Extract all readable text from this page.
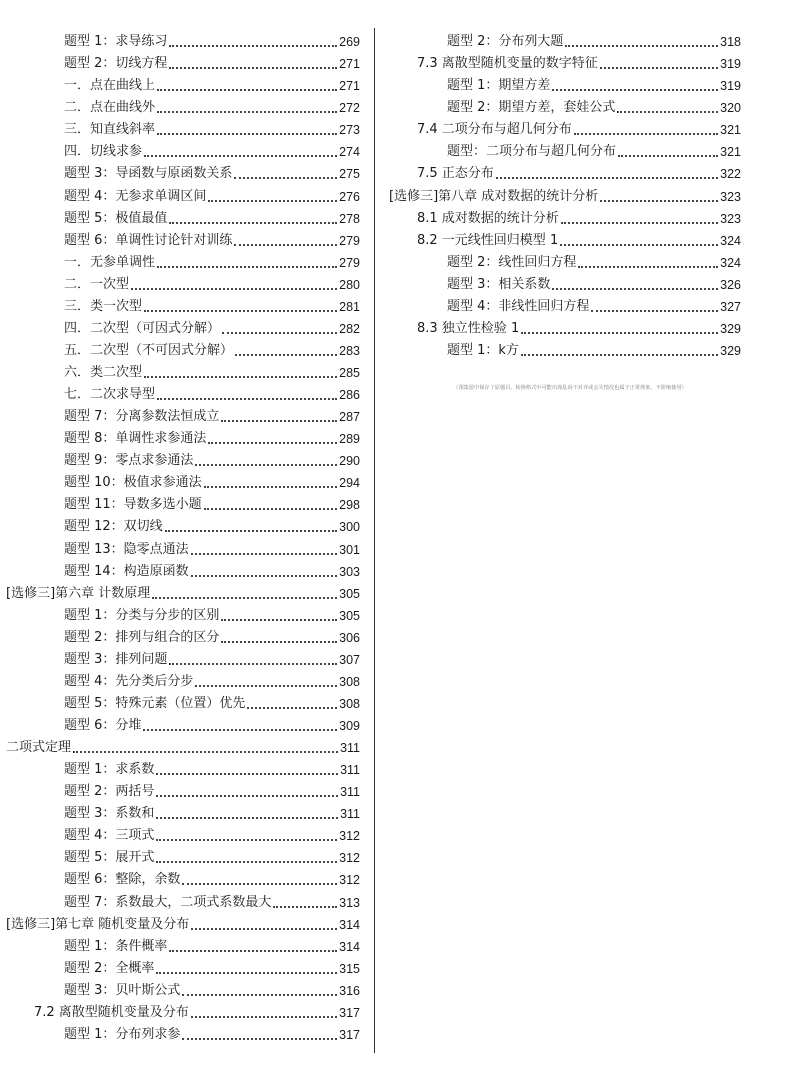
题型 1：求导练习	269
题型 2：切线方程	271
一．点在曲线上	271
二．点在曲线外	272
三．知直线斜率	273
四．切线求参	274
题型 3：导函数与原函数关系	275
题型 4：无参求单调区间	276
题型 5：极值最值	278
题型 6：单调性讨论针对训练	279
一．无参单调性	279
二．一次型	280
三．类一次型	281
四．二次型（可因式分解）	282
五．二次型（不可因式分解）	283
六．类二次型	285
七．二次求导型	286
题型 7：分离参数法恒成立	287
题型 8：单调性求参通法	289
题型 9：零点求参通法	290
题型 10：极值求参通法	294
题型 11：导数多选小题	298
题型 12：双切线	300
题型 13：隐零点通法	301
题型 14：构造原函数	303
[选修三]第六章 计数原理	305
题型 1：分类与分步的区别	305
题型 2：排列与组合的区分	306
题型 3：排列问题	307
题型 4：先分类后分步	308
题型 5：特殊元素（位置）优先	308
题型 6：分堆	309
二项式定理	311
题型 1：求系数	311
题型 2：两括号	311
题型 3：系数和	311
题型 4：三项式	312
题型 5：展开式	312
题型 6：整除，余数	312
题型 7：系数最大，二项式系数最大	313
[选修三]第七章 随机变量及分布	314
题型 1：条件概率	314
题型 2：全概率	315
题型 3：贝叶斯公式	316
7.2 离散型随机变量及分布	317
题型 1：分布列求参	317
题型 2：分布列大题	318
7.3 离散型随机变量的数字特征	319
题型 1：期望方差	319
题型 2：期望方差，套娃公式	320
7.4 二项分布与超几何分布	321
题型：二项分布与超几何分布	321
7.5 正态分布	322
[选修三]第八章 成对数据的统计分析	323
8.1 成对数据的统计分析	323
8.2 一元线性回归模型 1	324
题型 2：线性回归方程	324
题型 3：相关系数	326
题型 4：非线性回归方程	327
8.3 独立性检验 1	329
题型 1：k方	329
（預集留中保存了原题目，转换格式中可能出现乱码不对齐或丢失情况也属于正常现象，不影响使用）
